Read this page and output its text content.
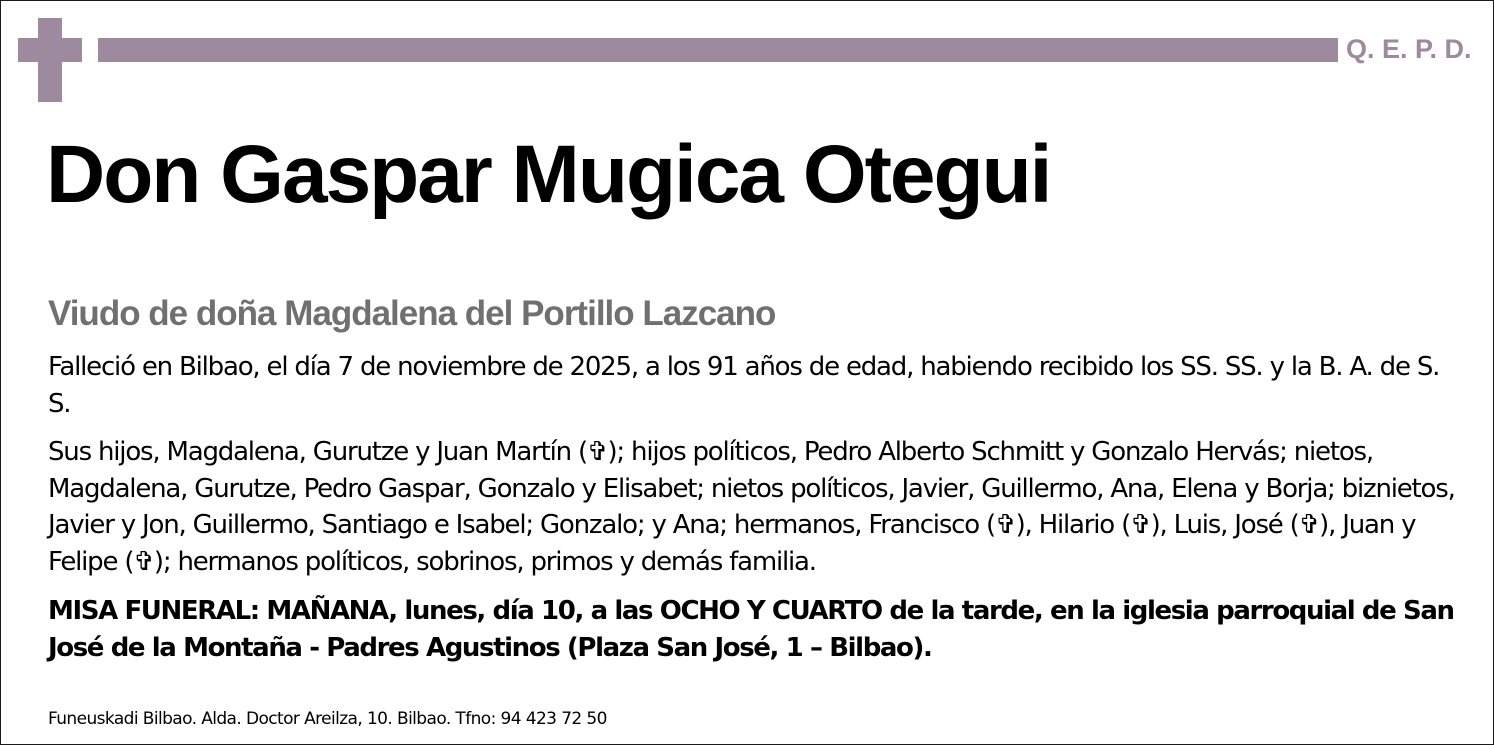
Q. E. P. D.
Don Gaspar Mugica Otegui
Viudo de doña Magdalena del Portillo Lazcano

Falleció en Bilbao, el día 7 de noviembre de 2025, a los 91 años de edad, habiendo recibido los SS. SS. y la B. A. de S. S.

Sus hijos, Magdalena, Gurutze y Juan Martín (✞); hijos políticos, Pedro Alberto Schmitt y Gonzalo Hervás; nietos, Magdalena, Gurutze, Pedro Gaspar, Gonzalo y Elisabet; nietos políticos, Javier, Guillermo, Ana, Elena y Borja; biznietos, Javier y Jon, Guillermo, Santiago e Isabel; Gonzalo; y Ana; hermanos, Francisco (✞), Hilario (✞), Luis, José (✞), Juan y Felipe (✞); hermanos políticos, sobrinos, primos y demás familia.

MISA FUNERAL: MAÑANA, lunes, día 10, a las OCHO Y CUARTO de la tarde, en la iglesia parroquial de San José de la Montaña - Padres Agustinos (Plaza San José, 1 – Bilbao).

Funeuskadi Bilbao. Alda. Doctor Areilza, 10. Bilbao. Tfno: 94 423 72 50
